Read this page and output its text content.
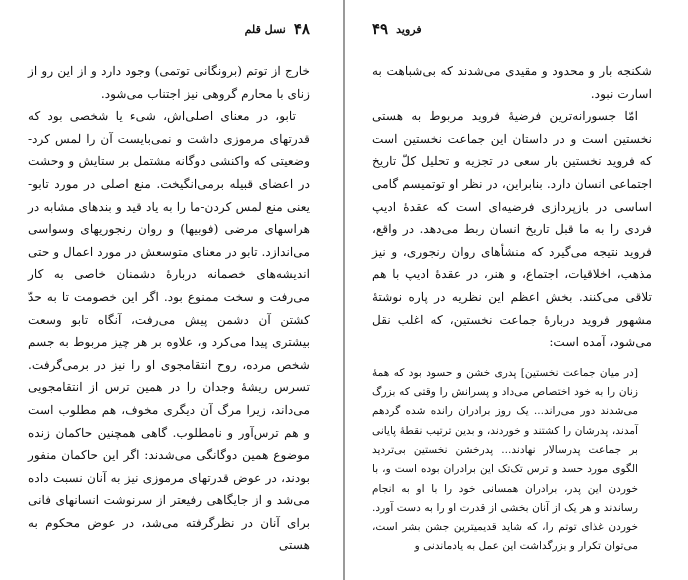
۴۸
نسل قلم

خارج از توتم (برونگانی توتمی) وجود دارد و از این رو از زنای با محارم گروهی نیز اجتناب می‌شود.

تابو، در معنای اصلی‌اش، شیء یا شخصی بود که قدرتهای مرموزی داشت و نمی‌بایست آن را لمس کرد-وضعیتی که واکنشی دوگانه مشتمل بر ستایش و وحشت در اعضای قبیله برمی‌انگیخت. منع اصلی در مورد تابو-یعنی منع لمس کردن-ما را به یاد قید و بندهای مشابه در هراسهای مرضی (فوبیها) و روان رنجوریهای وسواسی می‌اندازد. تابو در معنای متوسعش در مورد اعمال و حتی اندیشه‌های خصمانه دربارهٔ دشمنان خاصی به کار می‌رفت و سخت ممنوع بود. اگر این خصومت تا به حدّ کشتن آن دشمن پیش می‌رفت، آنگاه تابو وسعت بیشتری پیدا می‌کرد و، علاوه بر هر چیز مربوط به جسم شخص مرده، روح انتقامجوی او را نیز در برمی‌گرفت. تسرس ریشهٔ وجدان را در همین ترس از انتقامجویی می‌داند، زیرا مرگ آن دیگری مخوف، هم مطلوب است و هم ترس‌آور و نامطلوب. گاهی همچنین حاکمان زنده موضوع همین دوگانگی می‌شدند: اگر این حاکمان منفور بودند، در عوض قدرتهای مرموزی نیز به آنان نسبت داده می‌شد و از جایگاهی رفیعتر از سرنوشت انسانهای فانی برای آنان در نظرگرفته می‌شد، در عوض محکوم به هستی

فروید
۴۹

شکنجه بار و محدود و مقیدی می‌شدند که بی‌شباهت به اسارت نبود.

امّا جسورانه‌ترین فرضیهٔ فروید مربوط به هستی نخستین است و در داستان این جماعت نخستین است که فروید نخستین بار سعی در تجزیه و تحلیل کلّ تاریخ اجتماعی انسان دارد. بنابراین، در نظر او توتمیسم گامی اساسی در بازپردازی فرضیه‌ای است که عقدهٔ ادیپ فردی را به ما قبل تاریخ انسان ربط می‌دهد. در واقع، فروید نتیجه می‌گیرد که منشأهای روان رنجوری، و نیز مذهب، اخلاقیات، اجتماع، و هنر، در عقدهٔ ادیپ با هم تلاقی می‌کنند. بخش اعظم این نظریه در پاره نوشتهٔ مشهور فروید دربارهٔ جماعت نخستین، که اغلب نقل می‌شود، آمده است:

[در میان جماعت نخستین] پدری خشن و حسود بود که همهٔ زنان را به خود اختصاص می‌داد و پسرانش را وقتی که بزرگ می‌شدند دور می‌راند... یک روز برادران رانده شده گردهم آمدند، پدرشان را کشتند و خوردند، و بدین ترتیب نقطهٔ پایانی بر جماعت پدرسالار نهادند... پدرخشن نخستین بی‌تردید الگوی مورد حسد و ترس تک‌تک این برادران بوده است و، با خوردن این پدر، برادران همسانی خود را با او به انجام رساندند و هر یک از آنان بخشی از قدرت او را به دست آورد. خوردن غذای توتم را، که شاید قدیمیترین جشن بشر است، می‌توان تکرار و بزرگداشت این عمل به یادماندنی و
